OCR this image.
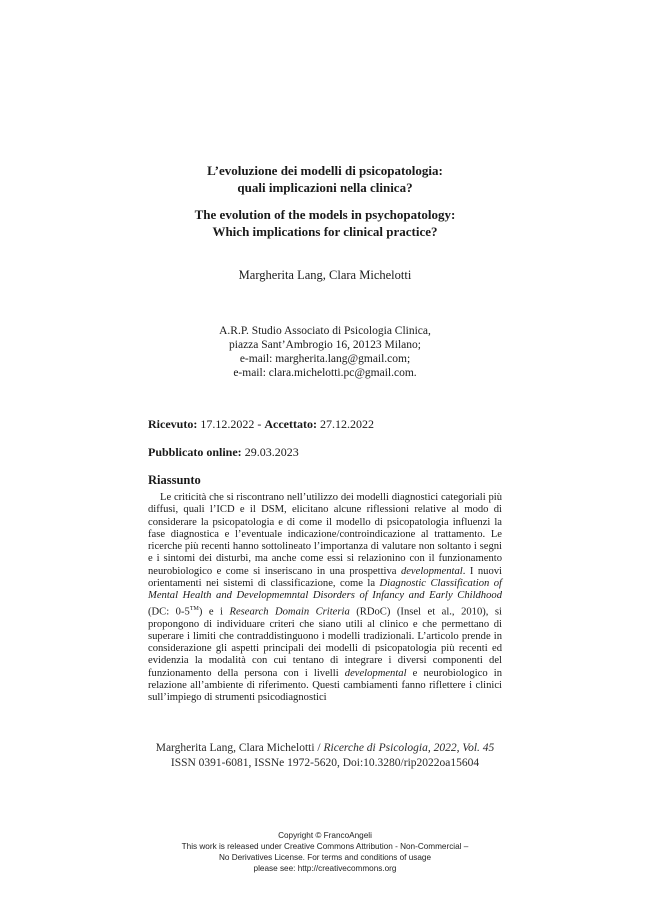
L’evoluzione dei modelli di psicopatologia:
quali implicazioni nella clinica?
The evolution of the models in psychopatology:
Which implications for clinical practice?
Margherita Lang, Clara Michelotti
A.R.P. Studio Associato di Psicologia Clinica,
piazza Sant’Ambrogio 16, 20123 Milano;
e-mail: margherita.lang@gmail.com;
e-mail: clara.michelotti.pc@gmail.com.
Ricevuto: 17.12.2022 - Accettato: 27.12.2022
Pubblicato online: 29.03.2023
Riassunto

Le criticità che si riscontrano nell’utilizzo dei modelli diagnostici categoriali più diffusi, quali l’ICD e il DSM, elicitano alcune riflessioni relative al modo di considerare la psicopatologia e di come il modello di psicopatologia influenzi la fase diagnostica e l’eventuale indicazione/controindicazione al trattamento. Le ricerche più recenti hanno sottolineato l’importanza di valutare non soltanto i segni e i sintomi dei disturbi, ma anche come essi si relazionino con il funzionamento neurobiologico e come si inseriscano in una prospettiva developmental. I nuovi orientamenti nei sistemi di classificazione, come la Diagnostic Classification of Mental Health and Developmemntal Disorders of Infancy and Early Childhood (DC: 0-5™) e i Research Domain Criteria (RDoC) (Insel et al., 2010), si propongono di individuare criteri che siano utili al clinico e che permettano di superare i limiti che contraddistinguono i modelli tradizionali. L’articolo prende in considerazione gli aspetti principali dei modelli di psicopatologia più recenti ed evidenzia la modalità con cui tentano di integrare i diversi componenti del funzionamento della persona con i livelli developmental e neurobiologico in relazione all’ambiente di riferimento. Questi cambiamenti fanno riflettere i clinici sull’impiego di strumenti psicodiagnostici

Margherita Lang, Clara Michelotti / Ricerche di Psicologia, 2022, Vol. 45
ISSN 0391-6081, ISSNe 1972-5620, Doi:10.3280/rip2022oa15604
Copyright © FrancoAngeli
This work is released under Creative Commons Attribution - Non-Commercial –
No Derivatives License. For terms and conditions of usage
please see: http://creativecommons.org
